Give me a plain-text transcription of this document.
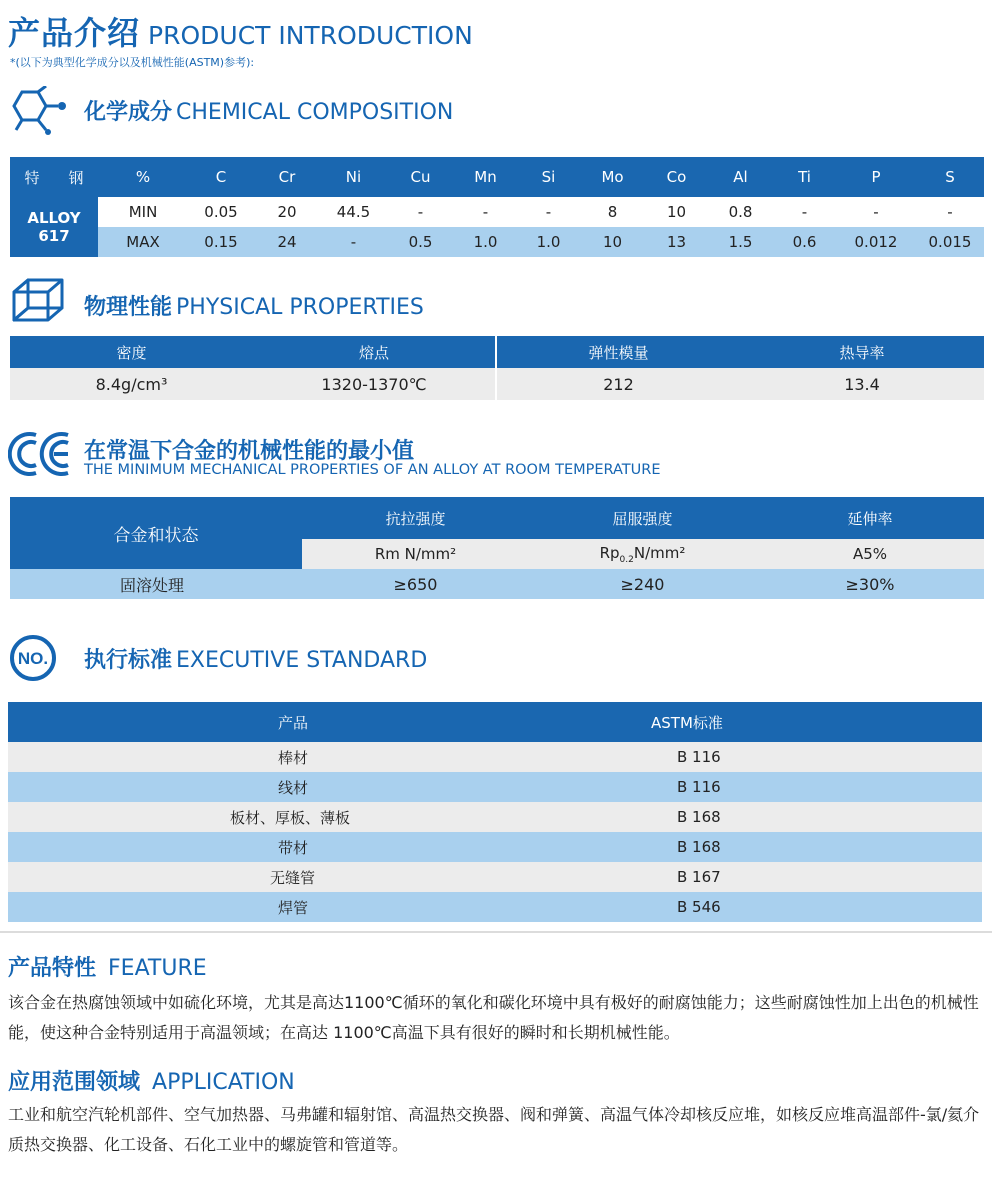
产品介绍 PRODUCT INTRODUCTION
*(以下为典型化学成分以及机械性能(ASTM)参考):
化学成分 CHEMICAL COMPOSITION
特	钢	%	C	Cr	Ni	Cu	Mn	Si	Mo	Co	Al	Ti	P	S
ALLOY 617		MIN	0.05	20	44.5	-	-	-	8	10	0.8	-	-	-
		MAX	0.15	24	-	0.5	1.0	1.0	10	13	1.5	0.6	0.012	0.015
物理性能 PHYSICAL PROPERTIES
密度	熔点	弹性模量	热导率
8.4g/cm³	1320-1370℃	212	13.4
在常温下合金的机械性能的最小值
THE MINIMUM MECHANICAL PROPERTIES OF AN ALLOY AT ROOM TEMPERATURE
合金和状态	抗拉强度	屈服强度	延伸率
	Rm N/mm²	$Rp_{0.2}N$/mm²	A5%
固溶处理	≥650	≥240	≥30%
NO. 执行标准 EXECUTIVE STANDARD
产品	ASTM标准
棒材	B 116
线材	B 116
板材、厚板、薄板	B 168
带材	B 168
无缝管	B 167
焊管	B 546
产品特性 FEATURE
该合金在热腐蚀领域中如硫化环境，尤其是高达1100℃循环的氧化和碳化环境中具有极好的耐腐蚀能力；这些耐腐蚀性加上出色的机械性能，使这种合金特别适用于高温领域；在高达 1100℃高温下具有很好的瞬时和长期机械性能。
应用范围领域 APPLICATION
工业和航空汽轮机部件、空气加热器、马弗罐和辐射馆、高温热交换器、阀和弹簧、高温气体冷却核反应堆，如核反应堆高温部件-氯/氦介质热交换器、化工设备、石化工业中的螺旋管和管道等。
